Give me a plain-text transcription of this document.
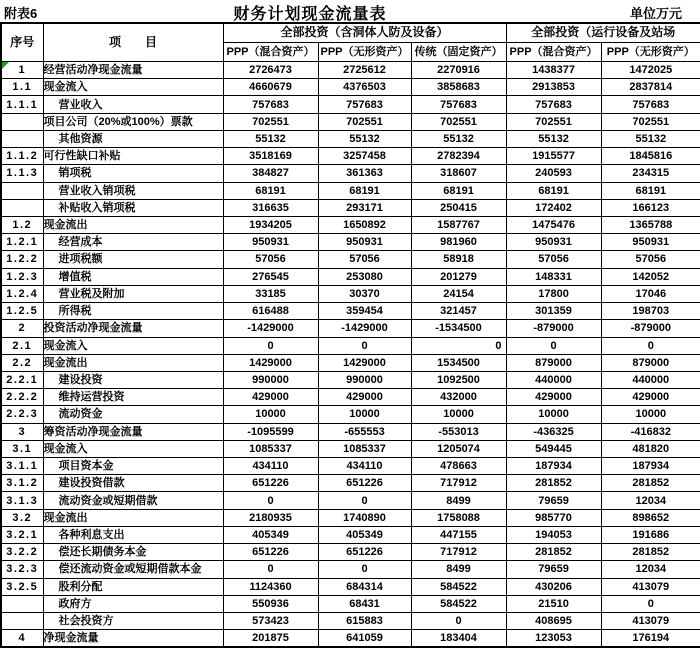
附表6	财务计划现金流量表	单位万元
序号	项　　目	全部投资（含洞体人防及设备）			全部投资（运行设备及站场	
		PPP（混合资产）	PPP（无形资产）	传统（固定资产）	PPP（混合资产）	PPP（无形资产）
1	经营活动净现金流量	2726473	2725612	2270916	1438377	1472025
1.1	现金流入	4660679	4376503	3858683	2913853	2837814
1.1.1	营业收入	757683	757683	757683	757683	757683
	项目公司（20%或100%）票款	702551	702551	702551	702551	702551
	其他资源	55132	55132	55132	55132	55132
1.1.2	可行性缺口补贴	3518169	3257458	2782394	1915577	1845816
1.1.3	销项税	384827	361363	318607	240593	234315
	营业收入销项税	68191	68191	68191	68191	68191
	补贴收入销项税	316635	293171	250415	172402	166123
1.2	现金流出	1934205	1650892	1587767	1475476	1365788
1.2.1	经营成本	950931	950931	981960	950931	950931
1.2.2	进项税额	57056	57056	58918	57056	57056
1.2.3	增值税	276545	253080	201279	148331	142052
1.2.4	营业税及附加	33185	30370	24154	17800	17046
1.2.5	所得税	616488	359454	321457	301359	198703
2	投资活动净现金流量	-1429000	-1429000	-1534500	-879000	-879000
2.1	现金流入	0	0	0	0	0
2.2	现金流出	1429000	1429000	1534500	879000	879000
2.2.1	建设投资	990000	990000	1092500	440000	440000
2.2.2	维持运营投资	429000	429000	432000	429000	429000
2.2.3	流动资金	10000	10000	10000	10000	10000
3	筹资活动净现金流量	-1095599	-655553	-553013	-436325	-416832
3.1	现金流入	1085337	1085337	1205074	549445	481820
3.1.1	项目资本金	434110	434110	478663	187934	187934
3.1.2	建设投资借款	651226	651226	717912	281852	281852
3.1.3	流动资金或短期借款	0	0	8499	79659	12034
3.2	现金流出	2180935	1740890	1758088	985770	898652
3.2.1	各种利息支出	405349	405349	447155	194053	191686
3.2.2	偿还长期债务本金	651226	651226	717912	281852	281852
3.2.3	偿还流动资金或短期借款本金	0	0	8499	79659	12034
3.2.5	股利分配	1124360	684314	584522	430206	413079
	政府方	550936	68431	584522	21510	0
	社会投资方	573423	615883	0	408695	413079
4	净现金流量	201875	641059	183404	123053	176194
